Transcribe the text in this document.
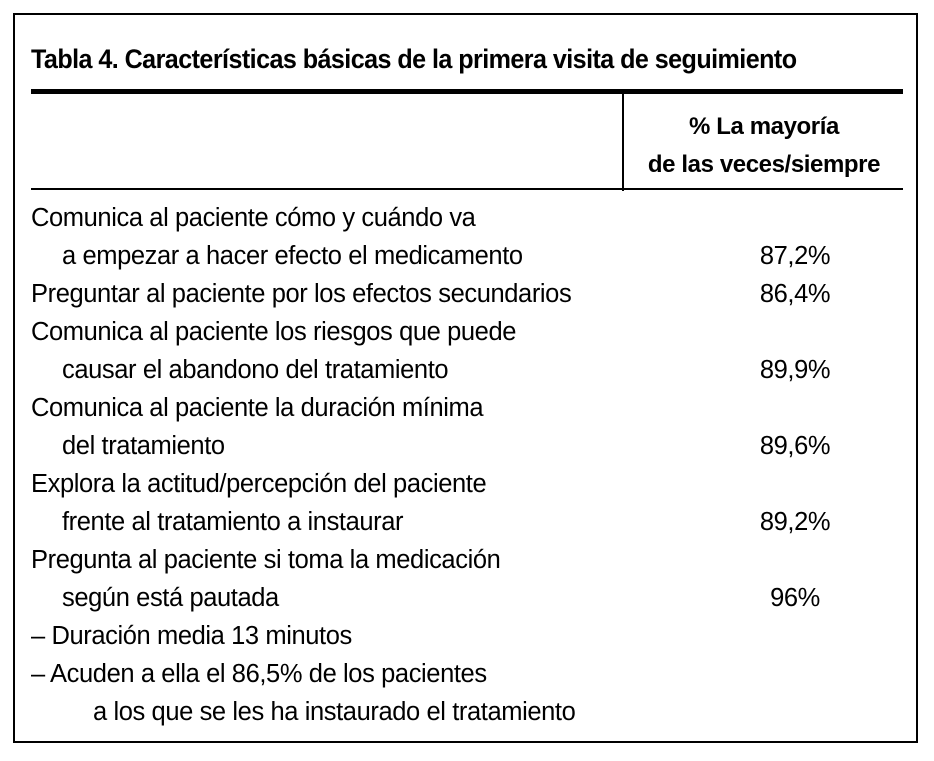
Tabla 4. Características básicas de la primera visita de seguimiento
% La mayoría
de las veces/siempre
Comunica al paciente cómo y cuándo va
a empezar a hacer efecto el medicamento	87,2%
Preguntar al paciente por los efectos secundarios	86,4%
Comunica al paciente los riesgos que puede
causar el abandono del tratamiento	89,9%
Comunica al paciente la duración mínima
del tratamiento	89,6%
Explora la actitud/percepción del paciente
frente al tratamiento a instaurar	89,2%
Pregunta al paciente si toma la medicación
según está pautada	96%
– Duración media 13 minutos
– Acuden a ella el 86,5% de los pacientes
a los que se les ha instaurado el tratamiento
